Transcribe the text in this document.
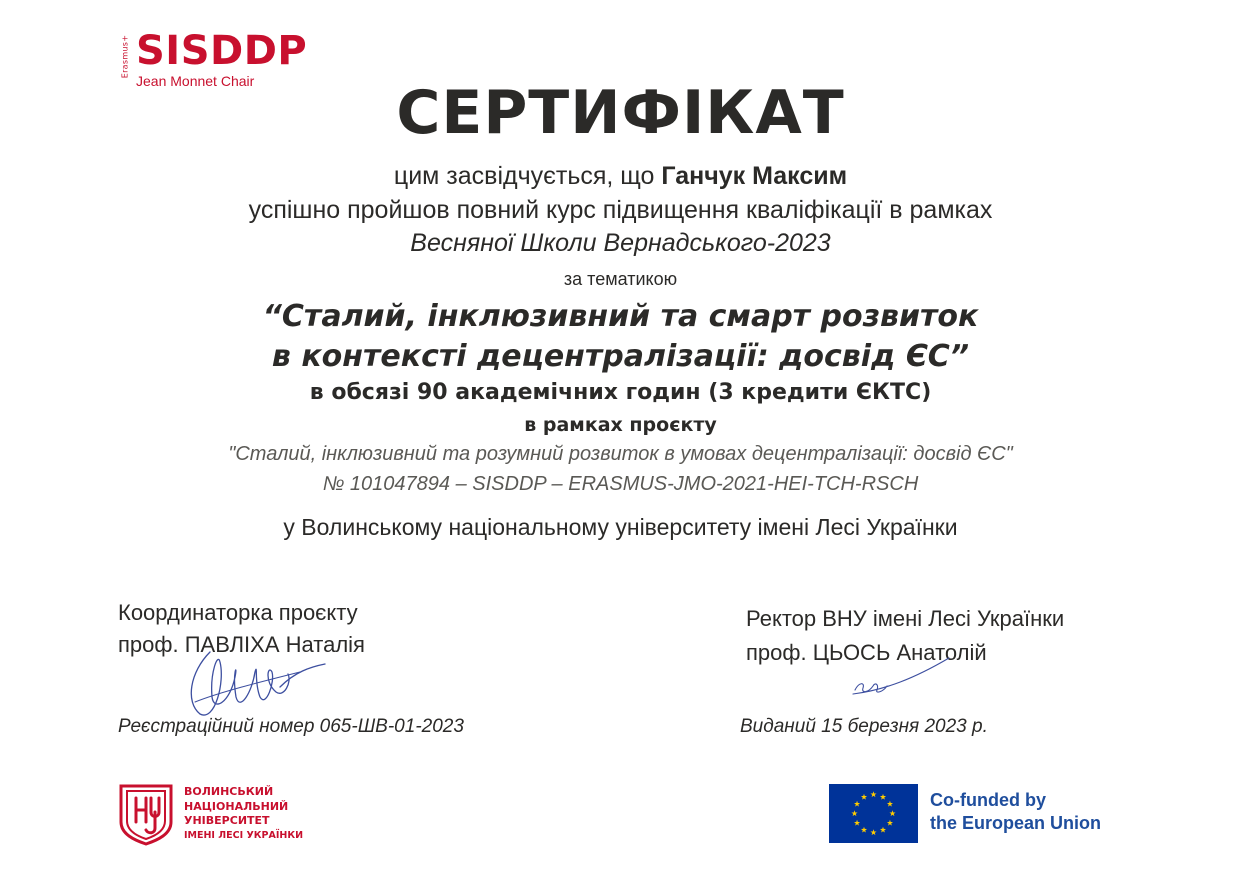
Erasmus+ SISDDP
Jean Monnet Chair	СЕРТИФІКАТ
цим засвідчується, що Ганчук Максим
успішно пройшов повний курс підвищення кваліфікації в рамках
Весняної Школи Вернадського-2023
за тематикою
“Сталий, інклюзивний та смарт розвиток
в контексті децентралізації: досвід ЄС”
в обсязі 90 академічних годин (3 кредити ЄКТС)
в рамках проєкту
"Сталий, інклюзивний та розумний розвиток в умовах децентралізації: досвід ЄС"
№ 101047894 – SISDDP – ERASMUS-JMO-2021-HEI-TCH-RSCH
у Волинському національному університету імені Лесі Українки
Координаторка проєкту
проф. ПАВЛІХА Наталія
Ректор ВНУ імені Лесі Українки
проф. ЦЬОСЬ Анатолій
Реєстраційний номер 065-ШВ-01-2023	Виданий 15 березня 2023 р.
ВОЛИНСЬКИЙ
НАЦІОНАЛЬНИЙ
УНІВЕРСИТЕТ
ІМЕНІ ЛЕСІ УКРАЇНКИ
Co-funded by
the European Union
